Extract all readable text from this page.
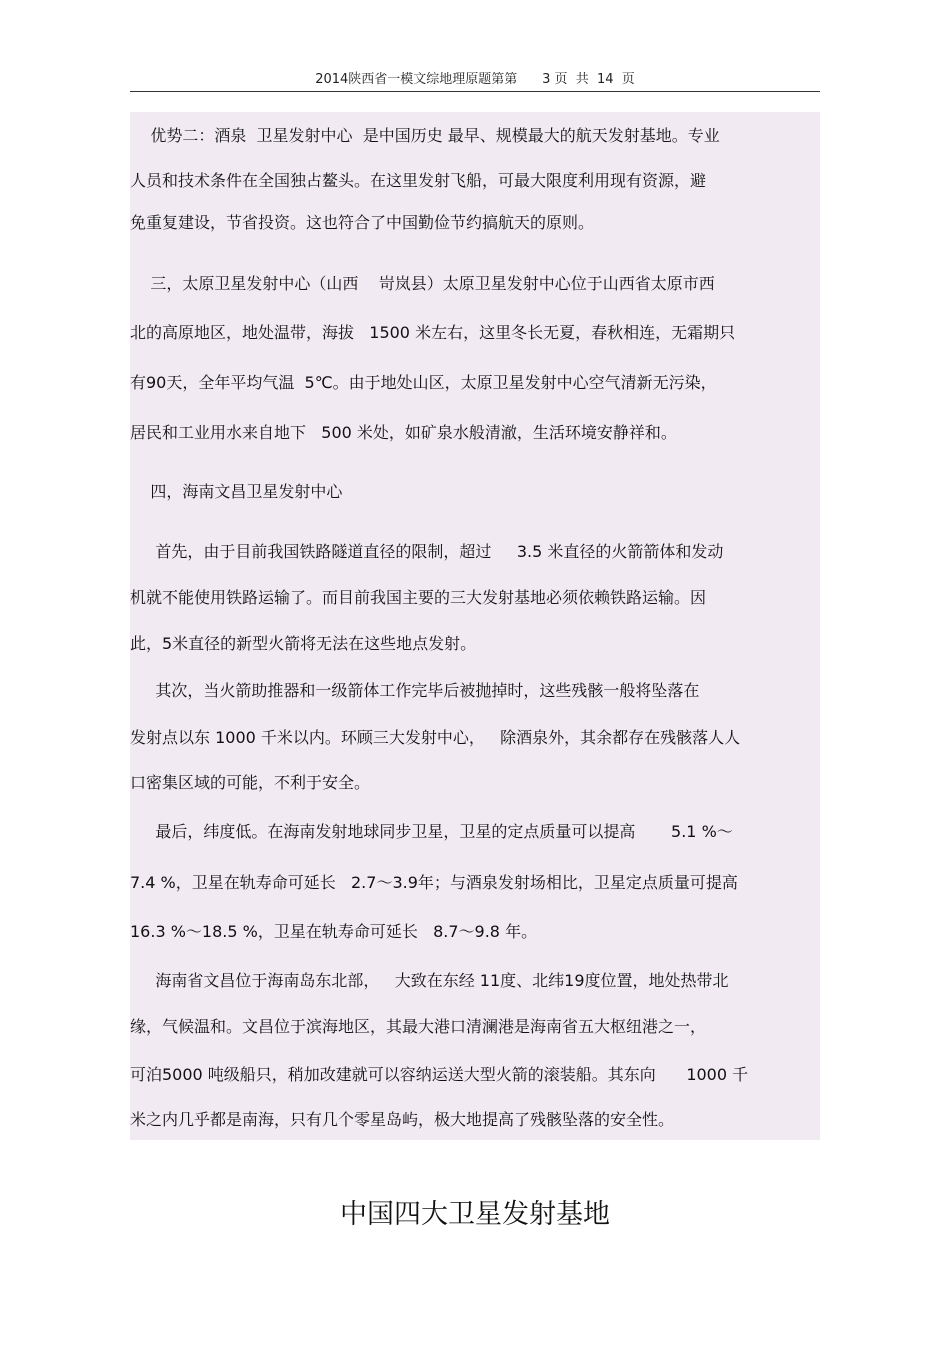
2014陕西省一模文综地理原题第第      3 页  共  14  页
优势二：酒泉  卫星发射中心  是中国历史 最早、规模最大的航天发射基地。专业
人员和技术条件在全国独占鳌头。在这里发射飞船，可最大限度利用现有资源，避
免重复建设，节省投资。这也符合了中国勤俭节约搞航天的原则。
三，太原卫星发射中心（山西    岢岚县）太原卫星发射中心位于山西省太原市西
北的高原地区，地处温带，海拔   1500 米左右，这里冬长无夏，春秋相连，无霜期只
有90天，全年平均气温  5℃。由于地处山区，太原卫星发射中心空气清新无污染，
居民和工业用水来自地下   500 米处，如矿泉水般清澈，生活环境安静祥和。
四，海南文昌卫星发射中心
首先，由于目前我国铁路隧道直径的限制，超过     3.5 米直径的火箭箭体和发动
机就不能使用铁路运输了。而目前我国主要的三大发射基地必须依赖铁路运输。因
此，5米直径的新型火箭将无法在这些地点发射。
其次，当火箭助推器和一级箭体工作完毕后被抛掉时，这些残骸一般将坠落在
发射点以东 1000 千米以内。环顾三大发射中心，   除酒泉外，其余都存在残骸落人人
口密集区域的可能，不利于安全。
最后，纬度低。在海南发射地球同步卫星，卫星的定点质量可以提高       5.1 %～
7.4 %，卫星在轨寿命可延长   2.7～3.9年；与酒泉发射场相比，卫星定点质量可提高
16.3 %～18.5 %，卫星在轨寿命可延长   8.7～9.8 年。
海南省文昌位于海南岛东北部，   大致在东经 11度、北纬19度位置，地处热带北
缘，气候温和。文昌位于滨海地区，其最大港口清澜港是海南省五大枢纽港之一，
可泊5000 吨级船只，稍加改建就可以容纳运送大型火箭的滚装船。其东向      1000 千
米之内几乎都是南海，只有几个零星岛屿，极大地提高了残骸坠落的安全性。
中国四大卫星发射基地
